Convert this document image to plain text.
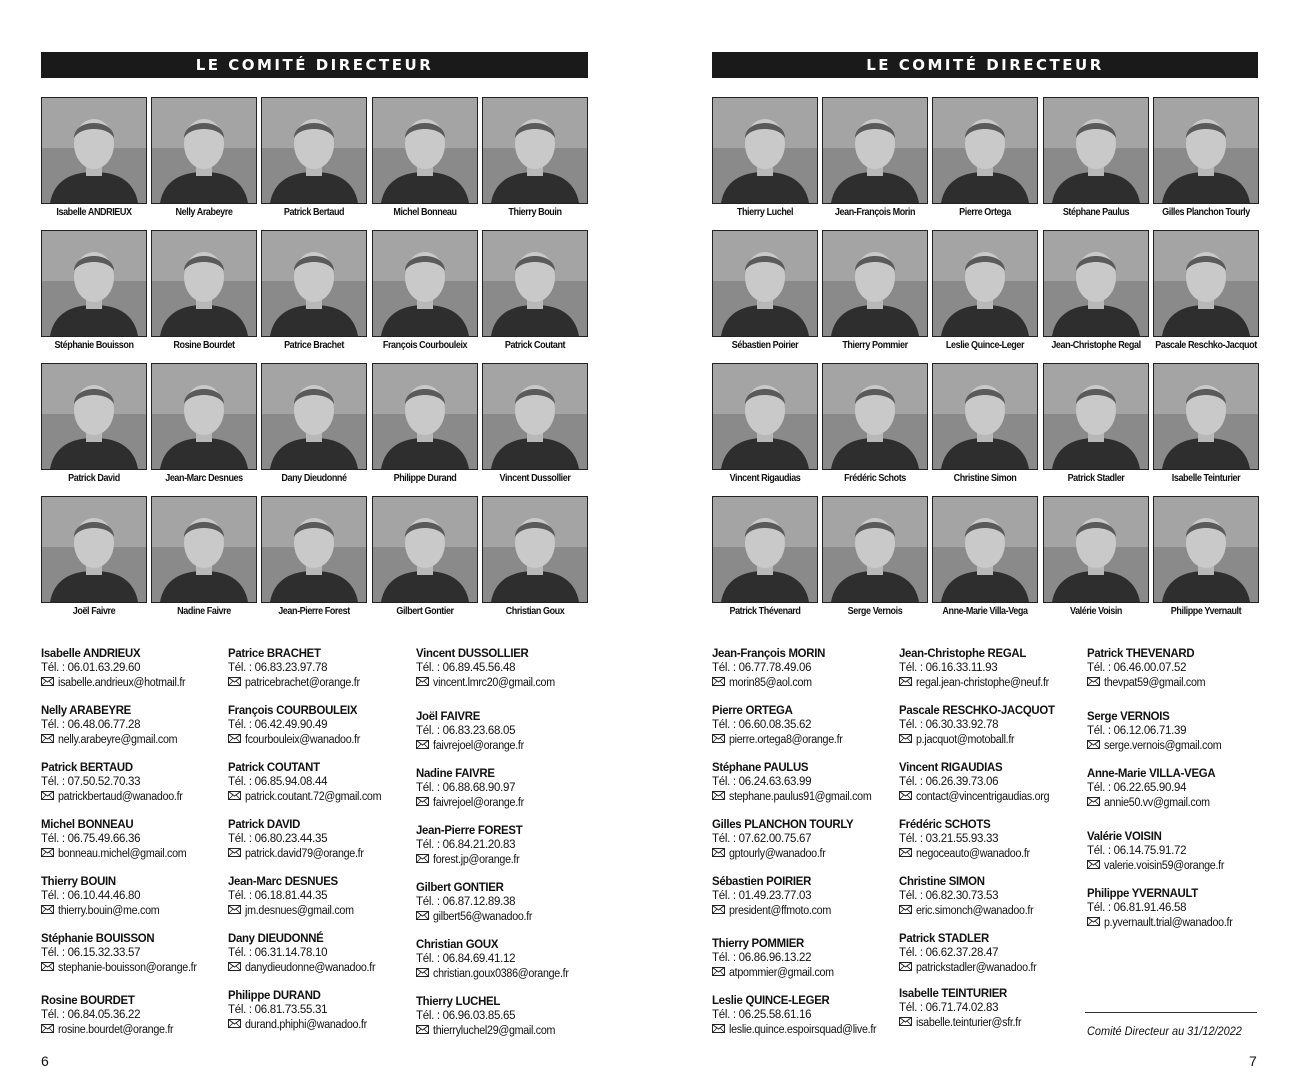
LE COMITÉ DIRECTEUR
Isabelle ANDRIEUX	Nelly Arabeyre	Patrick Bertaud	Michel Bonneau	Thierry Bouin
Stéphanie Bouisson	Rosine Bourdet	Patrice Brachet	François Courbouleix	Patrick Coutant
Patrick David	Jean-Marc Desnues	Dany Dieudonné	Philippe Durand	Vincent Dussollier
Joël Faivre	Nadine Faivre	Jean-Pierre Forest	Gilbert Gontier	Christian Goux
Isabelle ANDRIEUX
Tél. : 06.01.63.29.60
isabelle.andrieux@hotmail.fr
Nelly ARABEYRE
Tél. : 06.48.06.77.28
nelly.arabeyre@gmail.com
Patrick BERTAUD
Tél. : 07.50.52.70.33
patrickbertaud@wanadoo.fr
Michel BONNEAU
Tél. : 06.75.49.66.36
bonneau.michel@gmail.com
Thierry BOUIN
Tél. : 06.10.44.46.80
thierry.bouin@me.com
Stéphanie BOUISSON
Tél. : 06.15.32.33.57
stephanie-bouisson@orange.fr
Rosine BOURDET
Tél. : 06.84.05.36.22
rosine.bourdet@orange.fr
Patrice BRACHET
Tél. : 06.83.23.97.78
patricebrachet@orange.fr
François COURBOULEIX
Tél. : 06.42.49.90.49
fcourbouleix@wanadoo.fr
Patrick COUTANT
Tél. : 06.85.94.08.44
patrick.coutant.72@gmail.com
Patrick DAVID
Tél. : 06.80.23.44.35
patrick.david79@orange.fr
Jean-Marc DESNUES
Tél. : 06.18.81.44.35
jm.desnues@gmail.com
Dany DIEUDONNÉ
Tél. : 06.31.14.78.10
danydieudonne@wanadoo.fr
Philippe DURAND
Tél. : 06.81.73.55.31
durand.phiphi@wanadoo.fr
Vincent DUSSOLLIER
Tél. : 06.89.45.56.48
vincent.lmrc20@gmail.com
Joël FAIVRE
Tél. : 06.83.23.68.05
faivrejoel@orange.fr
Nadine FAIVRE
Tél. : 06.88.68.90.97
faivrejoel@orange.fr
Jean-Pierre FOREST
Tél. : 06.84.21.20.83
forest.jp@orange.fr
Gilbert GONTIER
Tél. : 06.87.12.89.38
gilbert56@wanadoo.fr
Christian GOUX
Tél. : 06.84.69.41.12
christian.goux0386@orange.fr
Thierry LUCHEL
Tél. : 06.96.03.85.65
thierryluchel29@gmail.com
6
LE COMITÉ DIRECTEUR
Thierry Luchel	Jean-François Morin	Pierre Ortega	Stéphane Paulus	Gilles Planchon Tourly
Sébastien Poirier	Thierry Pommier	Leslie Quince-Leger	Jean-Christophe Regal	Pascale Reschko-Jacquot
Vincent Rigaudias	Frédéric Schots	Christine Simon	Patrick Stadler	Isabelle Teinturier
Patrick Thévenard	Serge Vernois	Anne-Marie Villa-Vega	Valérie Voisin	Philippe Yvernault
Jean-François MORIN
Tél. : 06.77.78.49.06
morin85@aol.com
Pierre ORTEGA
Tél. : 06.60.08.35.62
pierre.ortega8@orange.fr
Stéphane PAULUS
Tél. : 06.24.63.63.99
stephane.paulus91@gmail.com
Gilles PLANCHON TOURLY
Tél. : 07.62.00.75.67
gptourly@wanadoo.fr
Sébastien POIRIER
Tél. : 01.49.23.77.03
president@ffmoto.com
Thierry POMMIER
Tél. : 06.86.96.13.22
atpommier@gmail.com
Leslie QUINCE-LEGER
Tél. : 06.25.58.61.16
leslie.quince.espoirsquad@live.fr
Jean-Christophe REGAL
Tél. : 06.16.33.11.93
regal.jean-christophe@neuf.fr
Pascale RESCHKO-JACQUOT
Tél. : 06.30.33.92.78
p.jacquot@motoball.fr
Vincent RIGAUDIAS
Tél. : 06.26.39.73.06
contact@vincentrigaudias.org
Frédéric SCHOTS
Tél. : 03.21.55.93.33
negoceauto@wanadoo.fr
Christine SIMON
Tél. : 06.82.30.73.53
eric.simonch@wanadoo.fr
Patrick STADLER
Tél. : 06.62.37.28.47
patrickstadler@wanadoo.fr
Isabelle TEINTURIER
Tél. : 06.71.74.02.83
isabelle.teinturier@sfr.fr
Patrick THEVENARD
Tél. : 06.46.00.07.52
thevpat59@gmail.com
Serge VERNOIS
Tél. : 06.12.06.71.39
serge.vernois@gmail.com
Anne-Marie VILLA-VEGA
Tél. : 06.22.65.90.94
annie50.vv@gmail.com
Valérie VOISIN
Tél. : 06.14.75.91.72
valerie.voisin59@orange.fr
Philippe YVERNAULT
Tél. : 06.81.91.46.58
p.yvernault.trial@wanadoo.fr
Comité Directeur au 31/12/2022
7
